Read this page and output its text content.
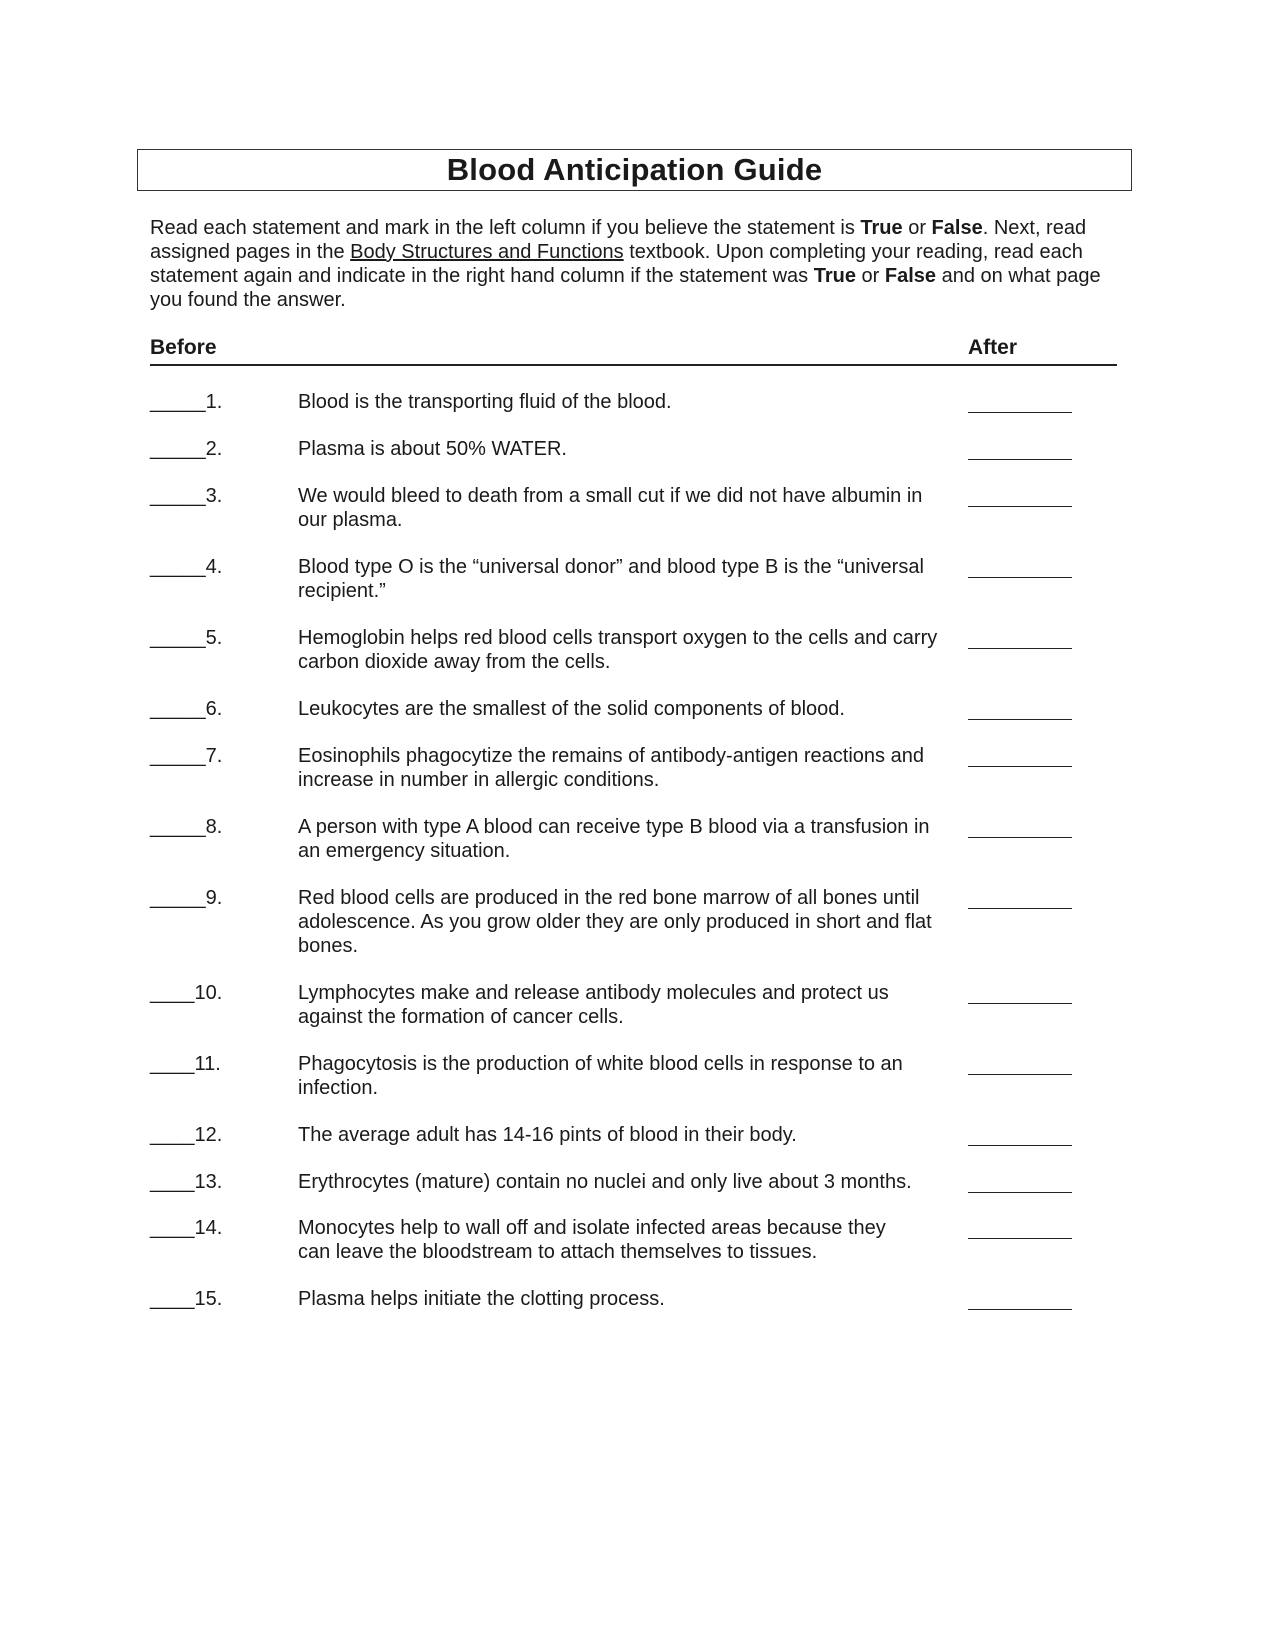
Blood Anticipation Guide

Read each statement and mark in the left column if you believe the statement is True or False. Next, read assigned pages in the Body Structures and Functions textbook. Upon completing your reading, read each statement again and indicate in the right hand column if the statement was True or False and on what page you found the answer.

Before	After
_____1.	Blood is the transporting fluid of the blood.
_____2.	Plasma is about 50% WATER.
_____3.	We would bleed to death from a small cut if we did not have albumin in our plasma.
_____4.	Blood type O is the “universal donor” and blood type B is the “universal recipient.”
_____5.	Hemoglobin helps red blood cells transport oxygen to the cells and carry carbon dioxide away from the cells.
_____6.	Leukocytes are the smallest of the solid components of blood.
_____7.	Eosinophils phagocytize the remains of antibody-antigen reactions and increase in number in allergic conditions.
_____8.	A person with type A blood can receive type B blood via a transfusion in an emergency situation.
_____9.	Red blood cells are produced in the red bone marrow of all bones until adolescence. As you grow older they are only produced in short and flat bones.
____10.	Lymphocytes make and release antibody molecules and protect us against the formation of cancer cells.
____11.	Phagocytosis is the production of white blood cells in response to an infection.
____12.	The average adult has 14-16 pints of blood in their body.
____13.	Erythrocytes (mature) contain no nuclei and only live about 3 months.
____14.	Monocytes help to wall off and isolate infected areas because they can leave the bloodstream to attach themselves to tissues.
____15.	Plasma helps initiate the clotting process.
